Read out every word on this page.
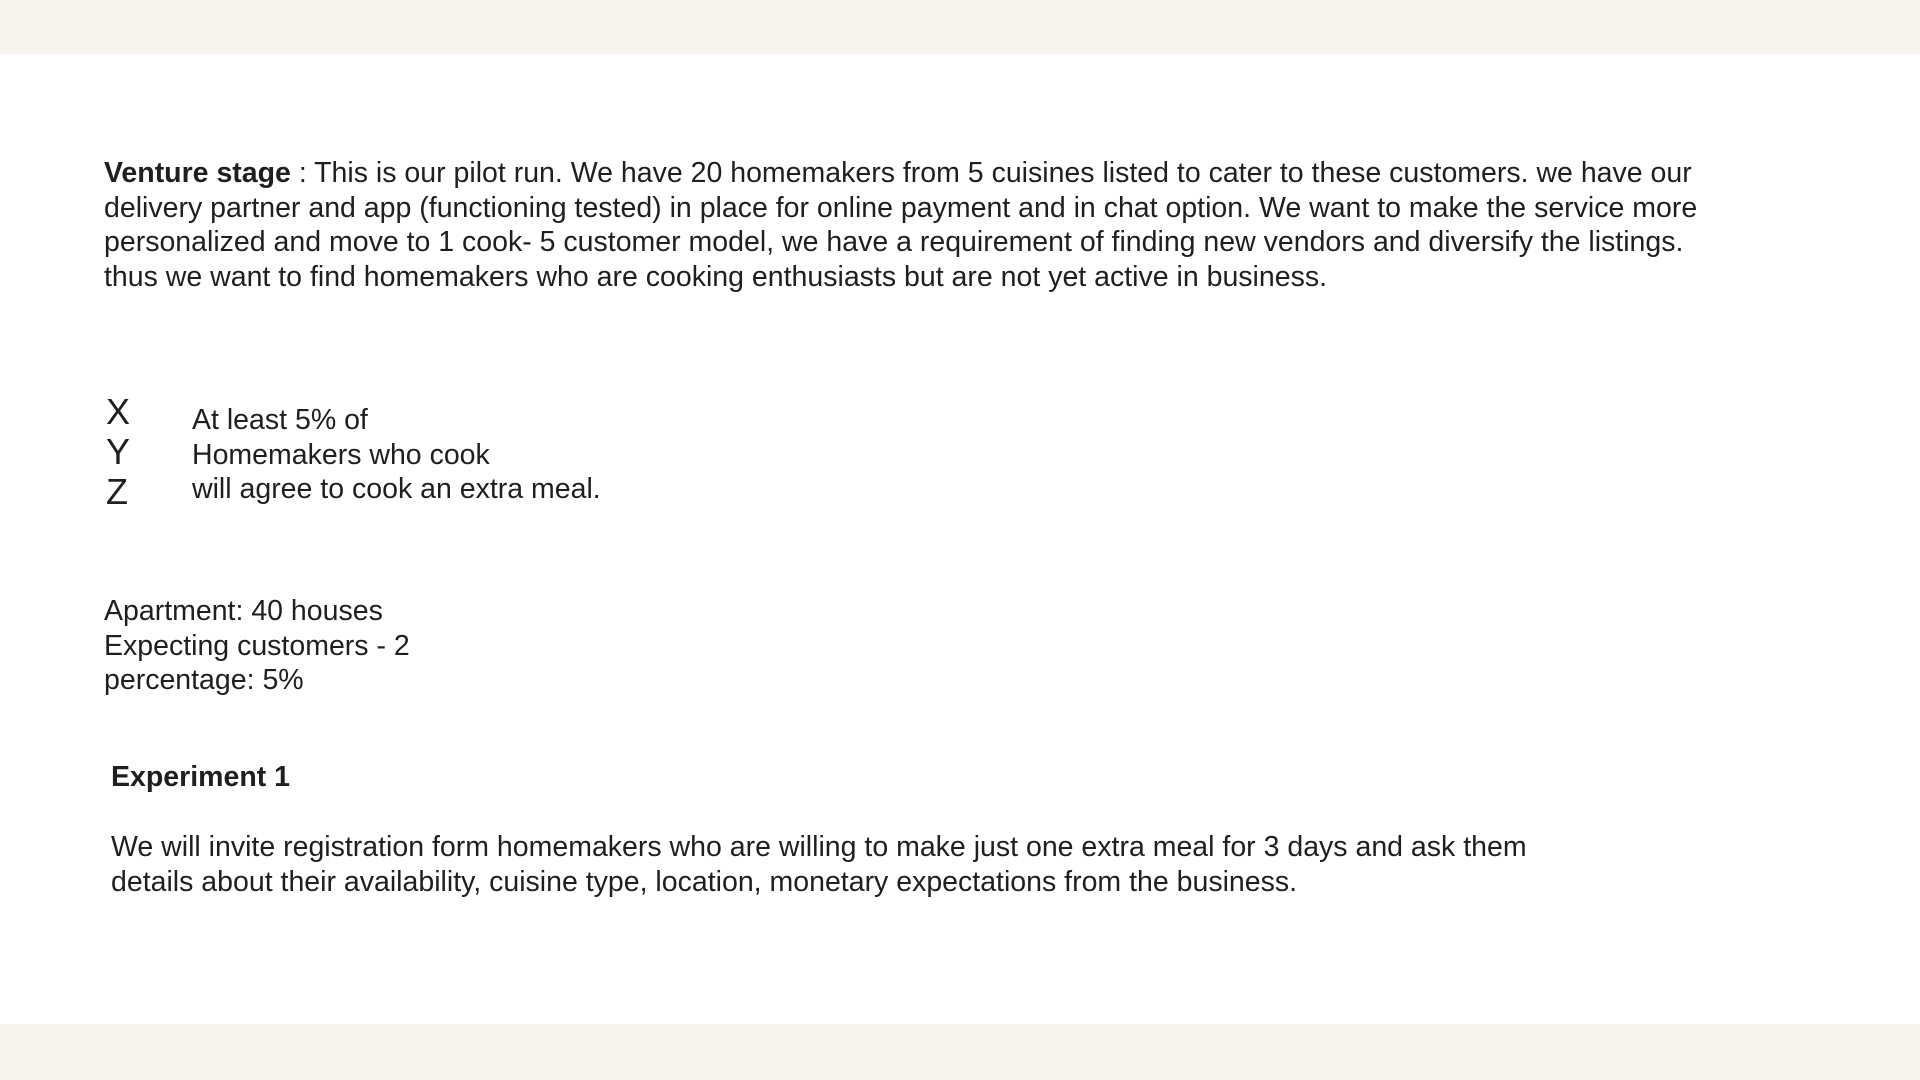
Venture stage : This is our pilot run. We have 20 homemakers from 5 cuisines listed to cater to these customers. we have our delivery partner and app (functioning tested) in place for online payment and in chat option. We want to make the service more personalized and move to 1 cook- 5 customer model, we have a requirement of finding new vendors and diversify the listings. thus we want to find homemakers who are cooking enthusiasts but are not yet active in business.

X
Y
Z
At least 5% of
Homemakers who cook
will agree to cook an extra meal.
Apartment: 40 houses
Expecting customers - 2
percentage: 5%

Experiment 1

We will invite registration form homemakers who are willing to make just one extra meal for 3 days and ask them details about their availability, cuisine type, location, monetary expectations from the business.
